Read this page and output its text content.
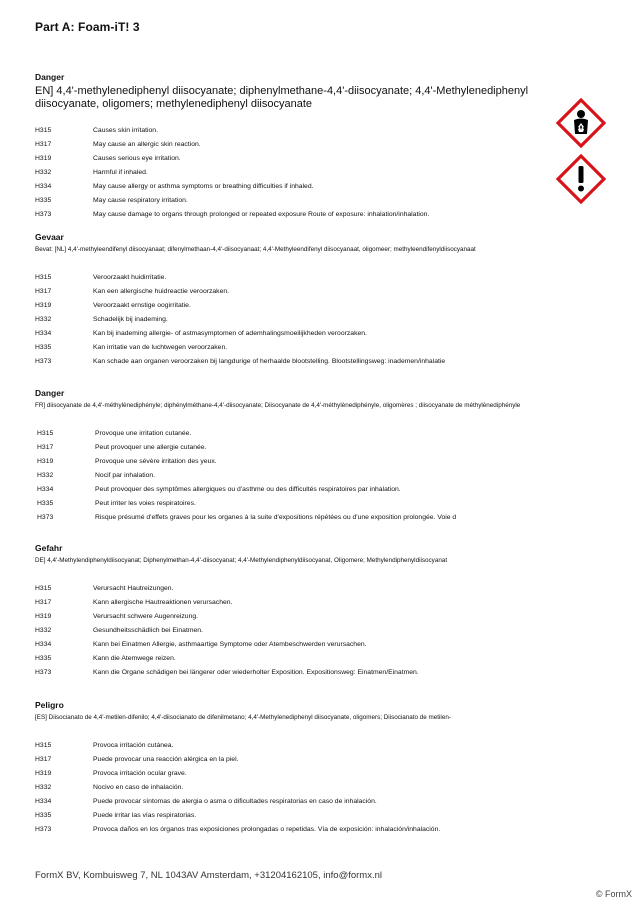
Part A: Foam-iT! 3
Danger
EN] 4,4'-methylenediphenyl diisocyanate; diphenylmethane-4,4'-diisocyanate; 4,4'-Methylenediphenyl diisocyanate, oligomers; methylenediphenyl diisocyanate
H315	Causes skin irritation.
H317	May cause an allergic skin reaction.
H319	Causes serious eye irritation.
H332	Harmful if inhaled.
H334	May cause allergy or asthma symptoms or breathing difficulties if inhaled.
H335	May cause respiratory irritation.
H373	May cause damage to organs through prolonged or repeated exposure Route of exposure: inhalation/inhalation.
Gevaar
Bevat: [NL] 4,4'-methyleendifenyl diisocyanaat; difenylmethaan-4,4'-diisocyanaat; 4,4'-Methyleendifenyl diisocyanaat, oligomeer; methyleendifenyldiisocyanaat
H315	Veroorzaakt huidirritatie.
H317	Kan een allergische huidreactie veroorzaken.
H319	Veroorzaakt ernstige oogirritatie.
H332	Schadelijk bij inademing.
H334	Kan bij inademing allergie- of astmasymptomen of ademhalingsmoeilijkheden veroorzaken.
H335	Kan irritatie van de luchtwegen veroorzaken.
H373	Kan schade aan organen veroorzaken bij langdurige of herhaalde blootstelling. Blootstellingsweg: inademen/inhalatie
Danger
FR] diisocyanate de 4,4'-méthylènediphényle; diphénylméthane-4,4'-diisocyanate; Diisocyanate de 4,4'-méthylènediphényle, oligomères ; diisocyanate de méthylènediphényle
H315	Provoque une irritation cutanée.
H317	Peut provoquer une allergie cutanée.
H319	Provoque une sévère irritation des yeux.
H332	Nocif par inhalation.
H334	Peut provoquer des symptômes allergiques ou d'asthme ou des difficultés respiratoires par inhalation.
H335	Peut irriter les voies respiratoires.
H373	Risque présumé d'effets graves pour les organes à la suite d'expositions répétées ou d'une exposition prolongée. Voie d
Gefahr
DE] 4,4'-Methylendiphenyldiisocyanat; Diphenylmethan-4,4'-diisocyanat; 4,4'-Methylendiphenyldiisocyanat, Oligomere; Methylendiphenyldiisocyanat
H315	Verursacht Hautreizungen.
H317	Kann allergische Hautreaktionen verursachen.
H319	Verursacht schwere Augenreizung.
H332	Gesundheitsschädlich bei Einatmen.
H334	Kann bei Einatmen Allergie, asthmaartige Symptome oder Atembeschwerden verursachen.
H335	Kann die Atemwege reizen.
H373	Kann die Organe schädigen bei längerer oder wiederholter Exposition. Expositionsweg: Einatmen/Einatmen.
Peligro
[ES] Diisocianato de 4,4'-metilen-difenilo; 4,4'-diisocianato de difenilmetano; 4,4'-Methylenediphenyl diisocyanate, oligomers; Diisocianato de metilen-
H315	Provoca irritación cutánea.
H317	Puede provocar una reacción alérgica en la piel.
H319	Provoca irritación ocular grave.
H332	Nocivo en caso de inhalación.
H334	Puede provocar síntomas de alergia o asma o dificultades respiratorias en caso de inhalación.
H335	Puede irritar las vías respiratorias.
H373	Provoca daños en los órganos tras exposiciones prolongadas o repetidas. Vía de exposición: inhalación/inhalación.
FormX BV, Kombuisweg 7, NL 1043AV Amsterdam, +31204162105, info@formx.nl
© FormX
